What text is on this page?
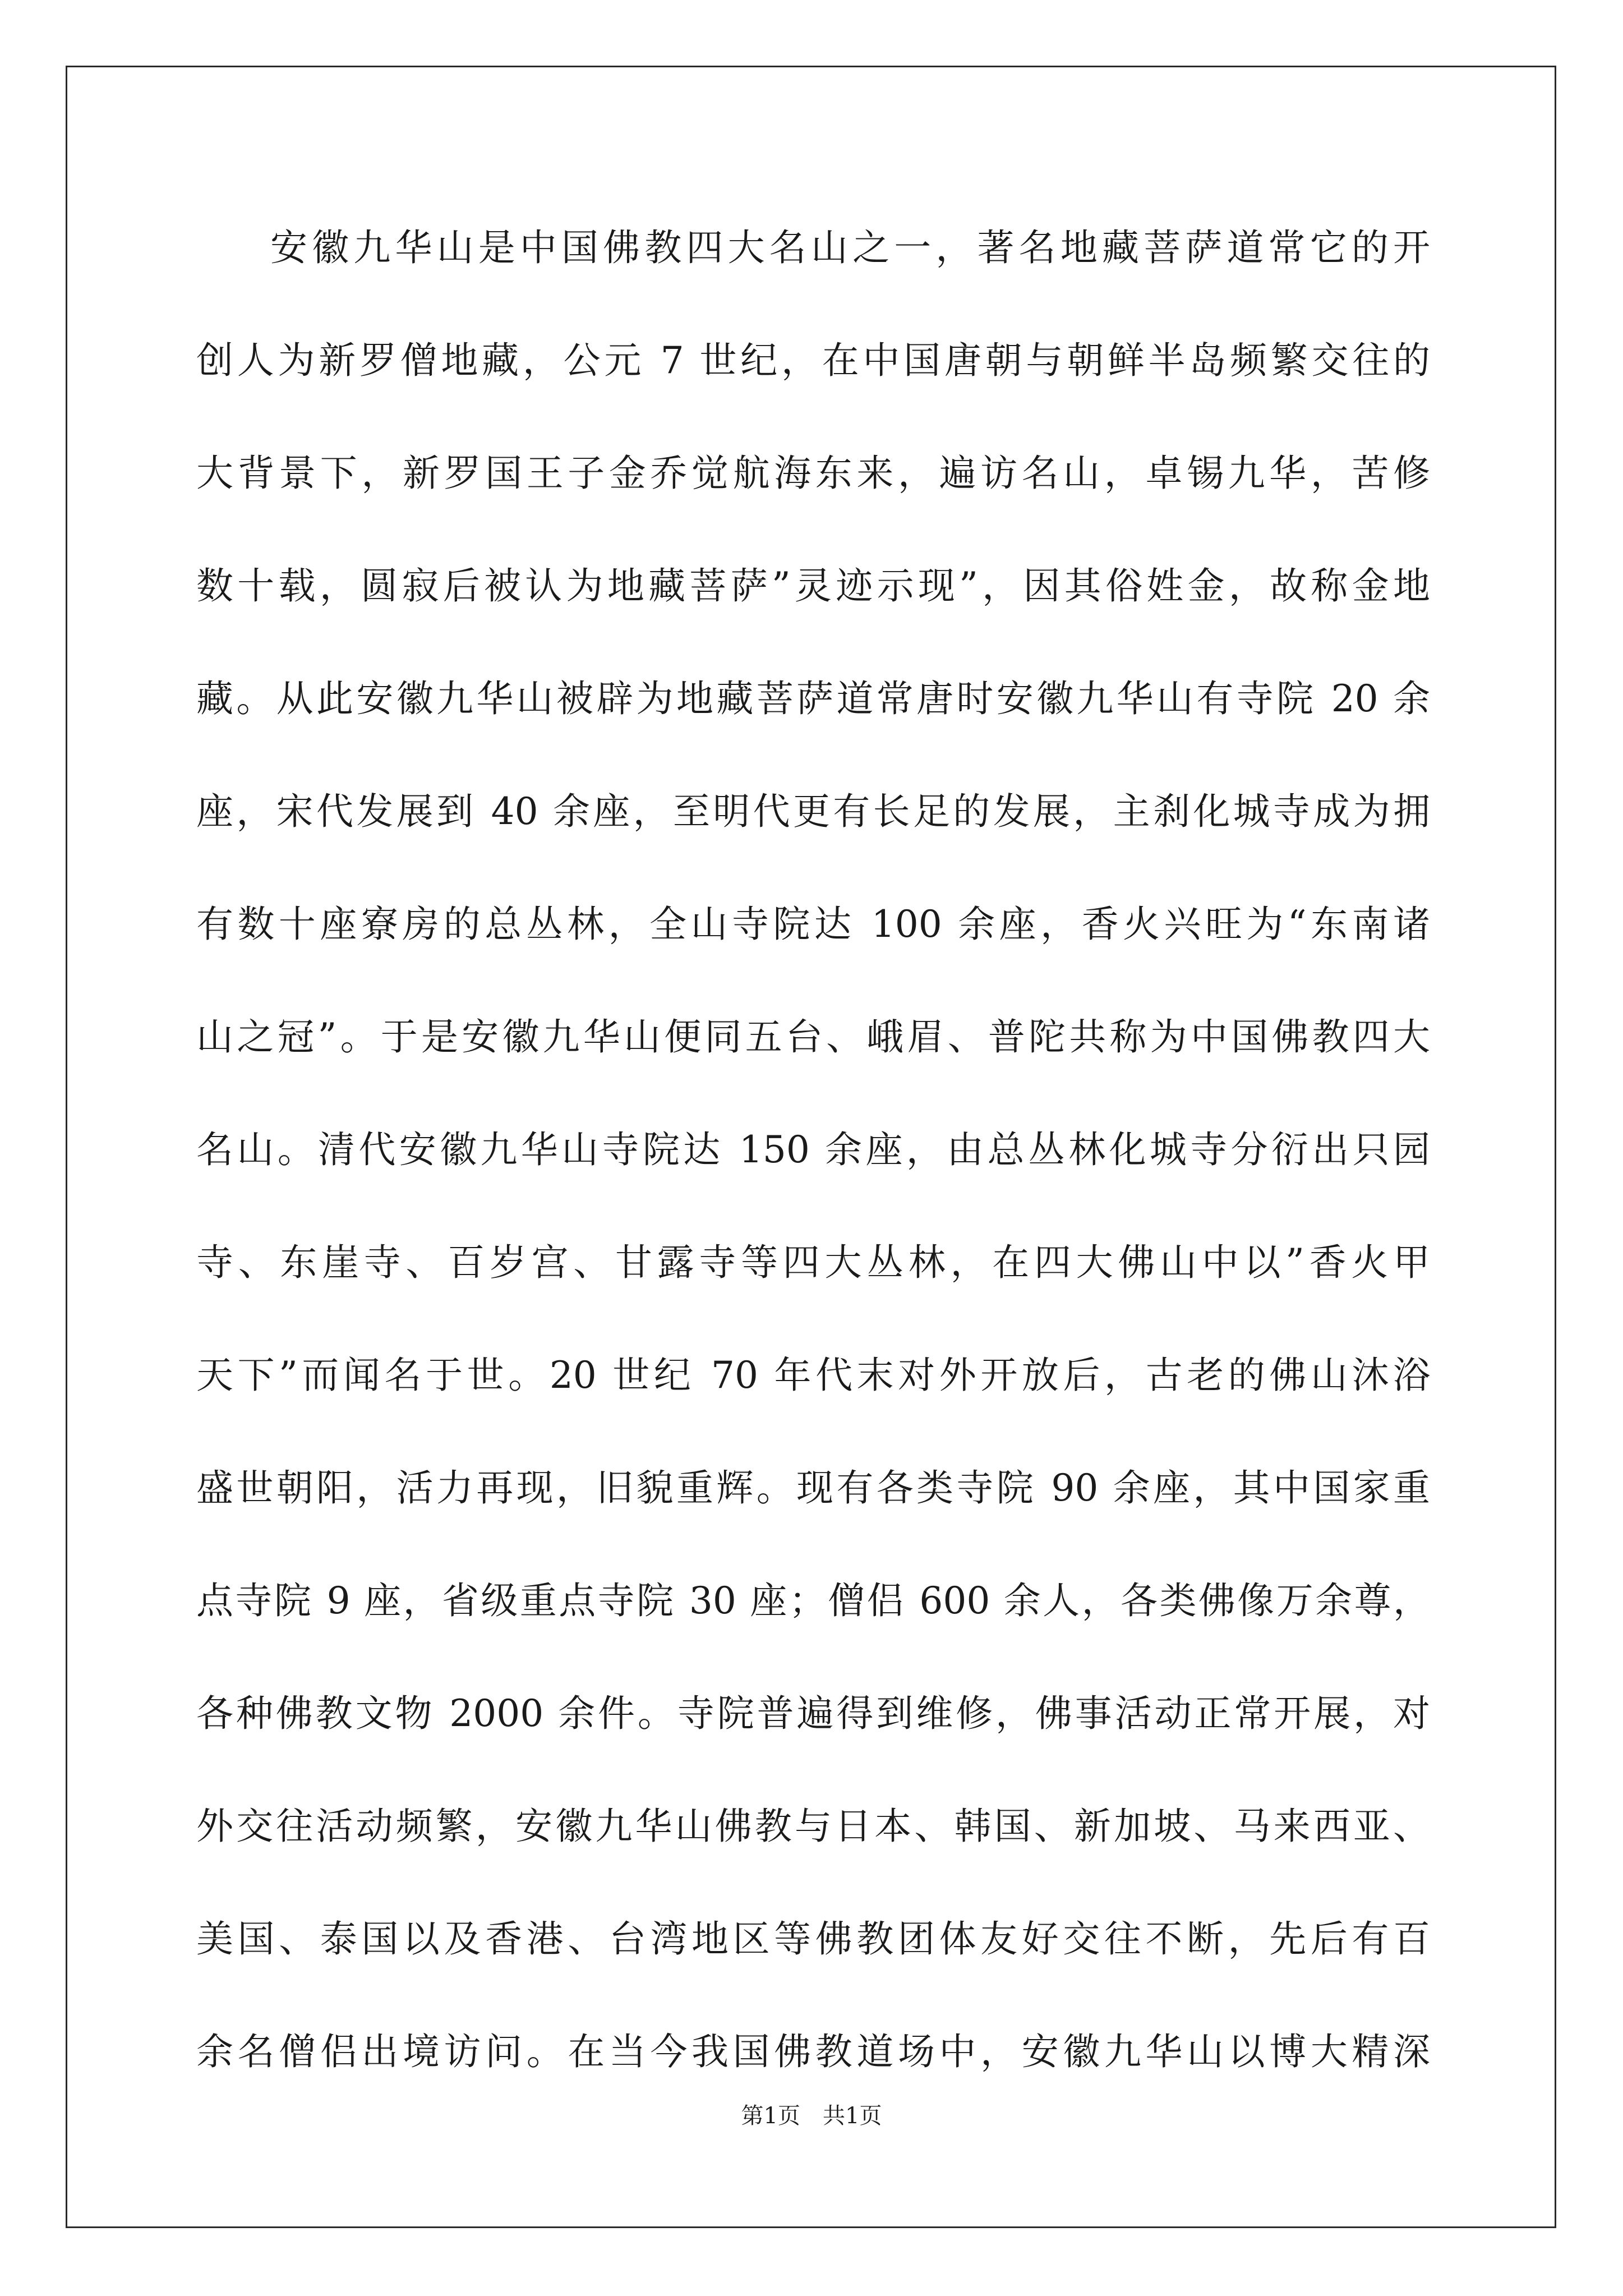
安徽九华山是中国佛教四大名山之一，著名地藏菩萨道常它的开
创人为新罗僧地藏，公元 7 世纪，在中国唐朝与朝鲜半岛频繁交往的
大背景下，新罗国王子金乔觉航海东来，遍访名山，卓锡九华，苦修
数十载，圆寂后被认为地藏菩萨”灵迹示现”，因其俗姓金，故称金地
藏。从此安徽九华山被辟为地藏菩萨道常唐时安徽九华山有寺院 20 余
座，宋代发展到 40 余座，至明代更有长足的发展，主刹化城寺成为拥
有数十座寮房的总丛林，全山寺院达 100 余座，香火兴旺为“东南诸
山之冠”。于是安徽九华山便同五台、峨眉、普陀共称为中国佛教四大
名山。清代安徽九华山寺院达 150 余座，由总丛林化城寺分衍出只园
寺、东崖寺、百岁宫、甘露寺等四大丛林，在四大佛山中以”香火甲
天下”而闻名于世。20 世纪 70 年代末对外开放后，古老的佛山沐浴
盛世朝阳，活力再现，旧貌重辉。现有各类寺院 90 余座，其中国家重
点寺院 9 座，省级重点寺院 30 座；僧侣 600 余人，各类佛像万余尊，
各种佛教文物 2000 余件。寺院普遍得到维修，佛事活动正常开展，对
外交往活动频繁，安徽九华山佛教与日本、韩国、新加坡、马来西亚、
美国、泰国以及香港、台湾地区等佛教团体友好交往不断，先后有百
余名僧侣出境访问。在当今我国佛教道场中，安徽九华山以博大精深
第1页　共1页
